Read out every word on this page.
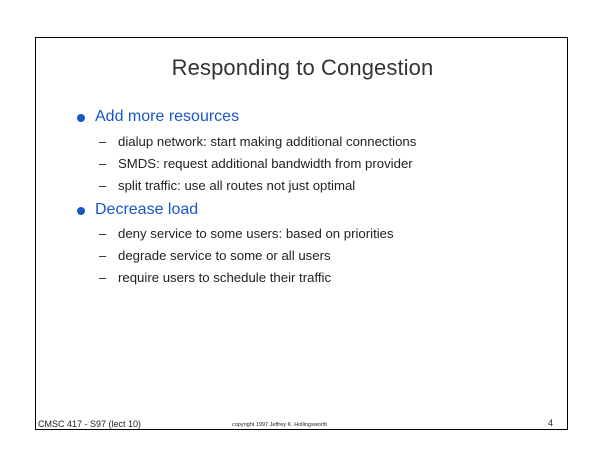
Responding to Congestion
Add more resources
– dialup network: start making additional connections
– SMDS: request additional bandwidth from provider
– split traffic: use all routes not just optimal
Decrease load
– deny service to some users: based on priorities
– degrade service to some or all users
– require users to schedule their traffic
CMSC 417 - S97 (lect 10)	copyright 1997 Jeffrey K. Hollingsworth	4
